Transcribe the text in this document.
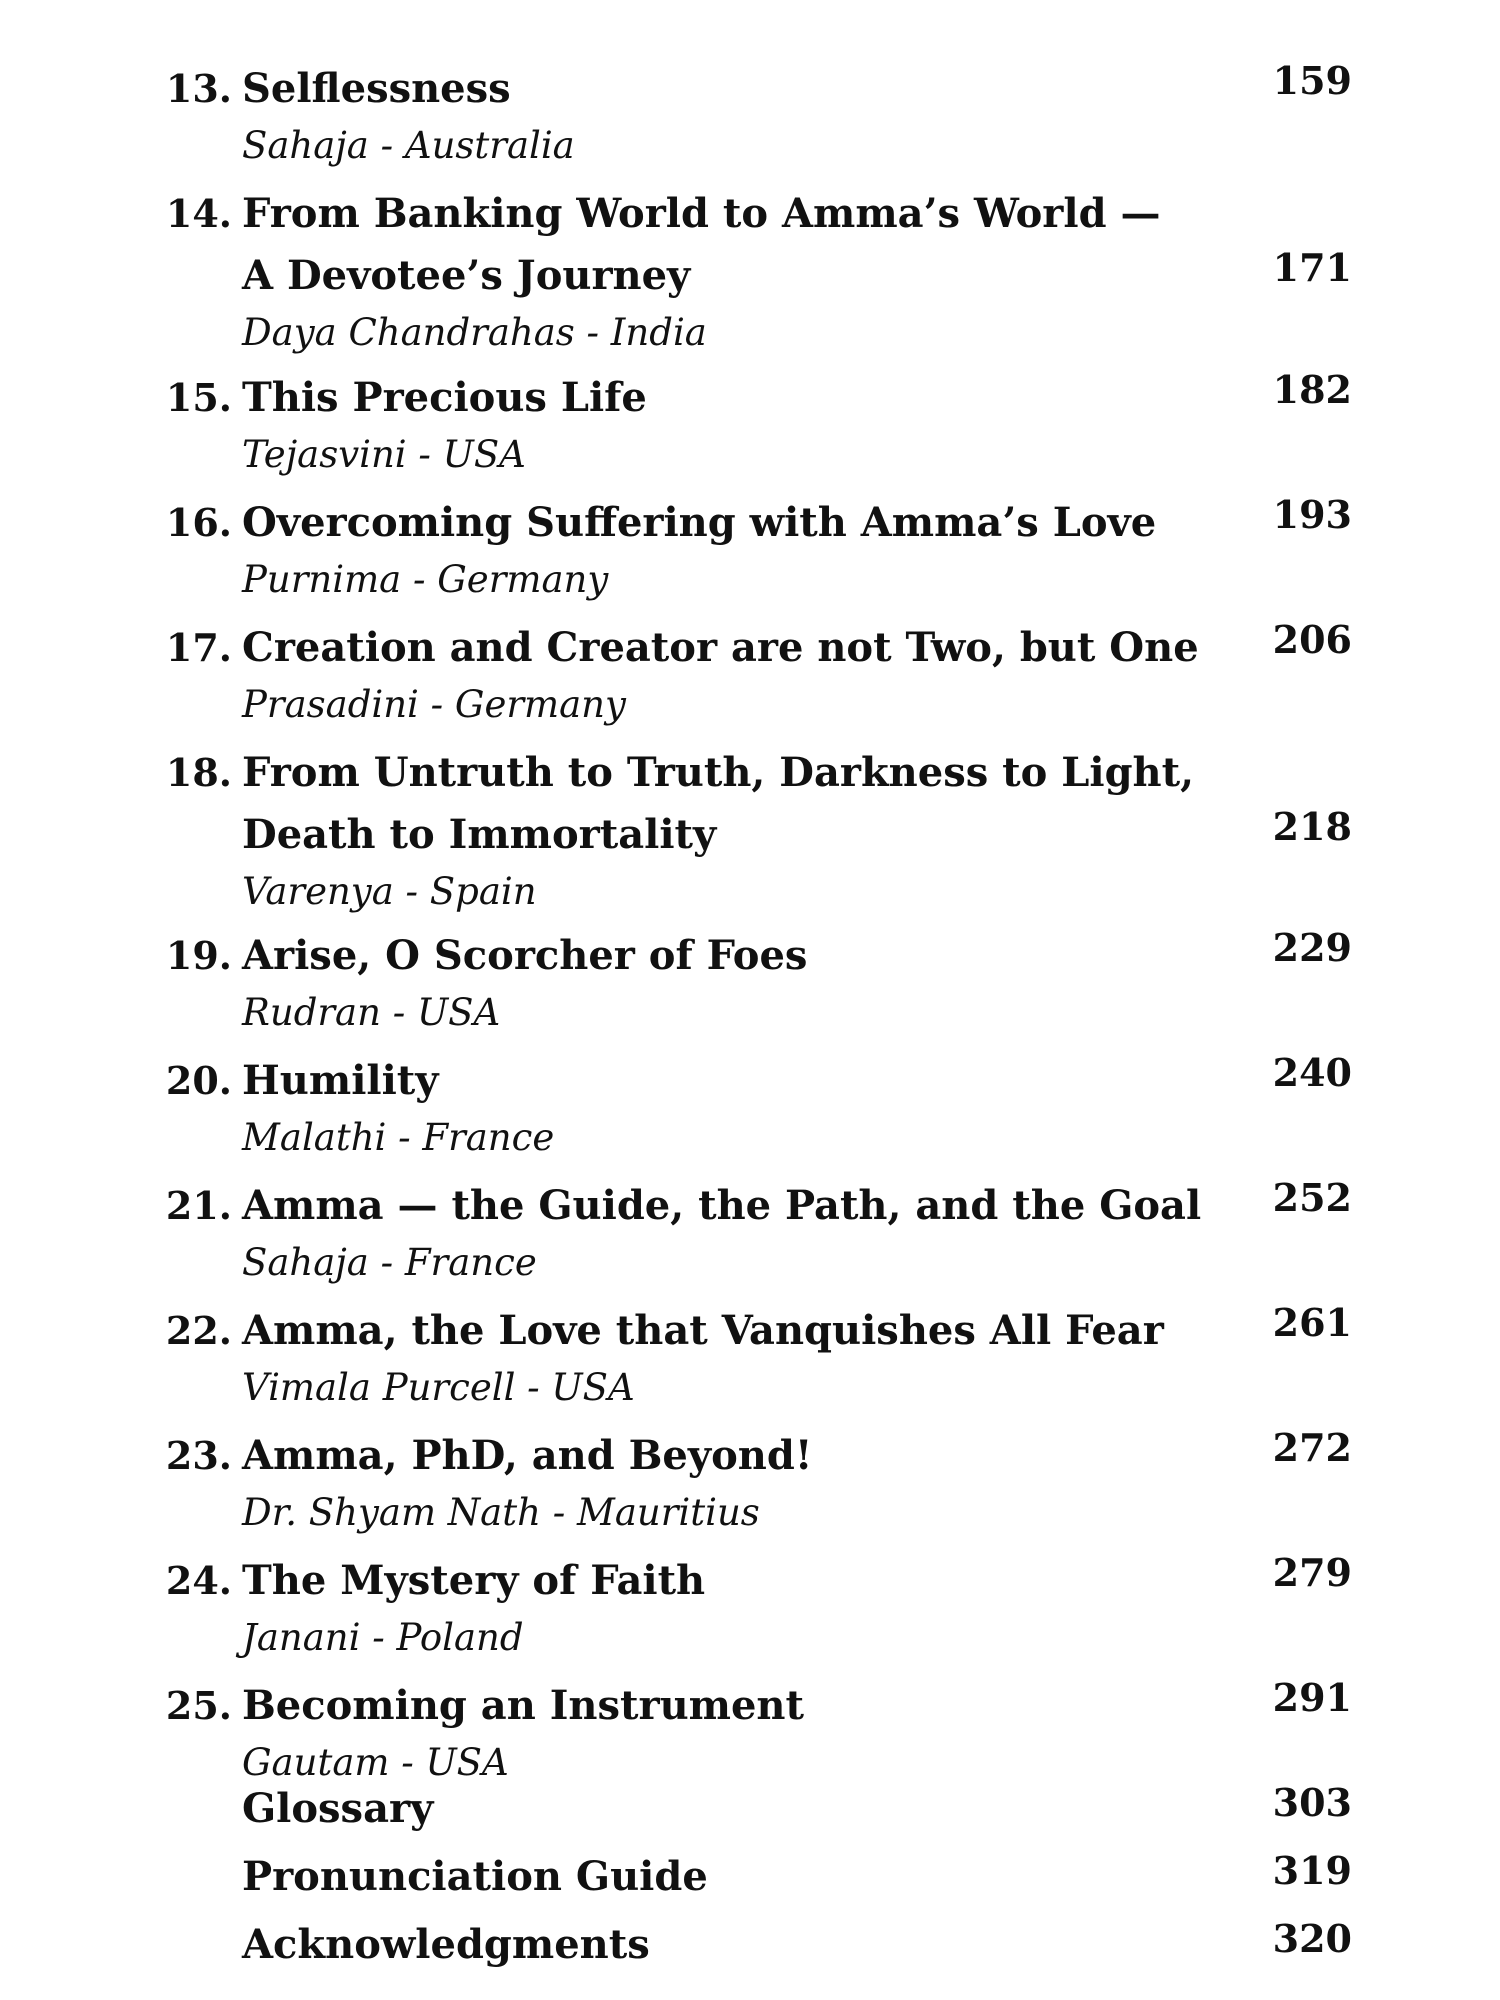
13. Selflessness
Sahaja - Australia
159
14. From Banking World to Amma’s World —
A Devotee’s Journey
Daya Chandrahas - India
171
15. This Precious Life
Tejasvini - USA
182
16. Overcoming Suffering with Amma’s Love
Purnima - Germany
193
17. Creation and Creator are not Two, but One
Prasadini - Germany
206
18. From Untruth to Truth, Darkness to Light,
Death to Immortality
Varenya - Spain
218
19. Arise, O Scorcher of Foes
Rudran - USA
229
20. Humility
Malathi - France
240
21. Amma — the Guide, the Path, and the Goal
Sahaja - France
252
22. Amma, the Love that Vanquishes All Fear
Vimala Purcell - USA
261
23. Amma, PhD, and Beyond!
Dr. Shyam Nath - Mauritius
272
24. The Mystery of Faith
Janani - Poland
279
25. Becoming an Instrument
Gautam - USA
291
Glossary	303
Pronunciation Guide	319
Acknowledgments	320
